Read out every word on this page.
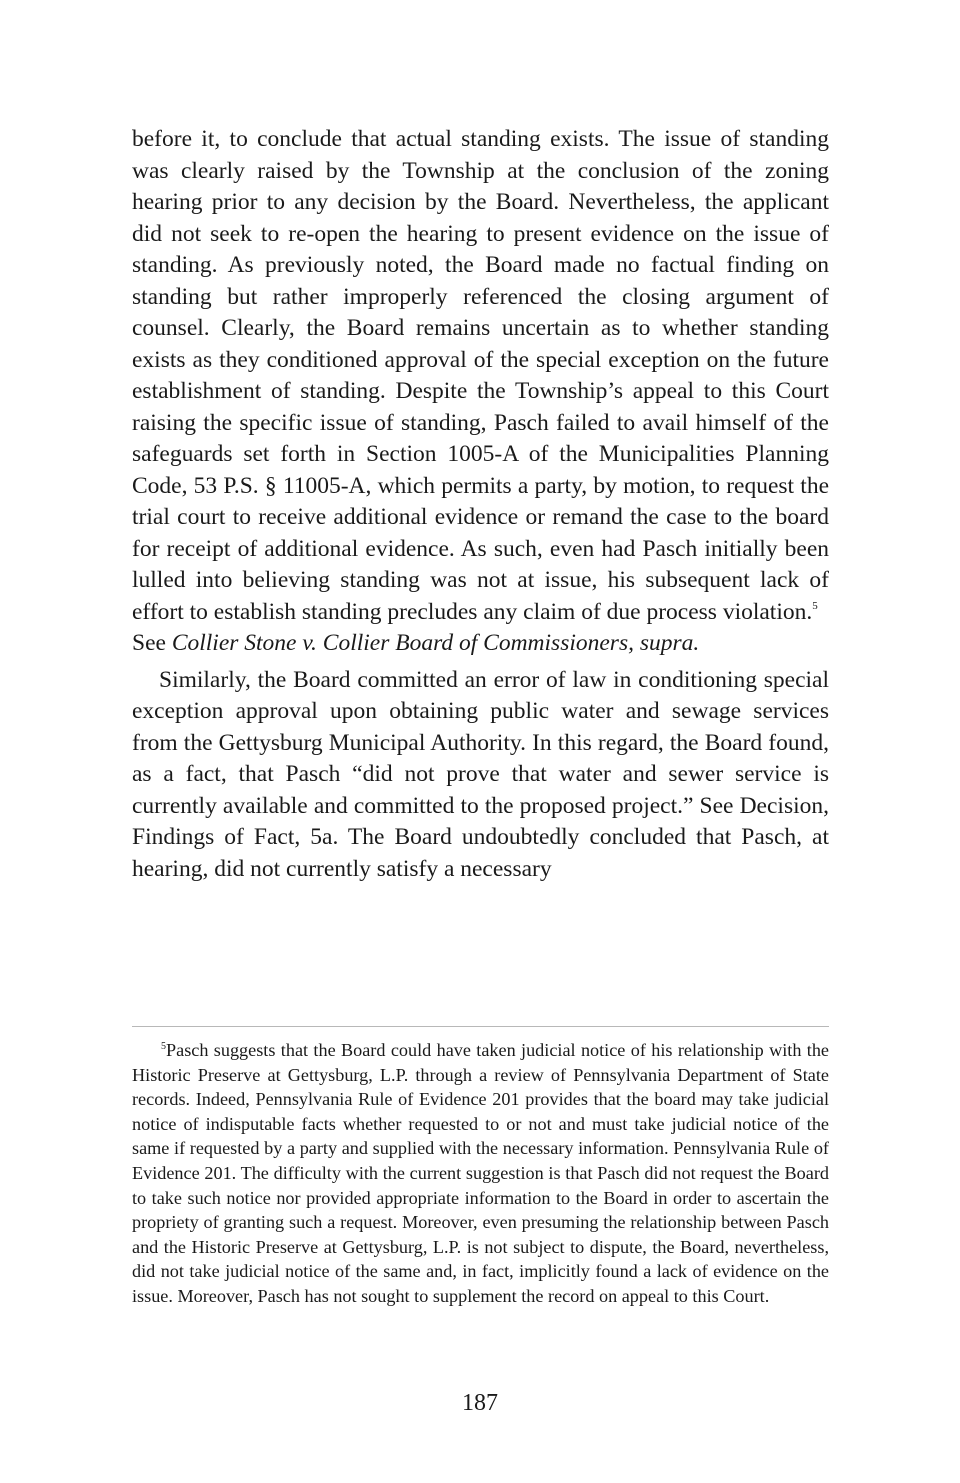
before it, to conclude that actual standing exists. The issue of standing was clearly raised by the Township at the conclusion of the zoning hearing prior to any decision by the Board. Nevertheless, the applicant did not seek to re-open the hearing to present evidence on the issue of standing. As previously noted, the Board made no factual finding on standing but rather improperly referenced the closing argument of counsel. Clearly, the Board remains uncertain as to whether standing exists as they conditioned approval of the special exception on the future establishment of standing. Despite the Township’s appeal to this Court raising the specific issue of standing, Pasch failed to avail himself of the safeguards set forth in Section 1005-A of the Municipalities Planning Code, 53 P.S. § 11005-A, which permits a party, by motion, to request the trial court to receive additional evidence or remand the case to the board for receipt of additional evidence. As such, even had Pasch initially been lulled into believing standing was not at issue, his subsequent lack of effort to establish standing precludes any claim of due process violation.$^5$
See Collier Stone v. Collier Board of Commissioners, supra.

Similarly, the Board committed an error of law in conditioning special exception approval upon obtaining public water and sewage services from the Gettysburg Municipal Authority. In this regard, the Board found, as a fact, that Pasch “did not prove that water and sewer service is currently available and committed to the proposed project.” See Decision, Findings of Fact, 5a. The Board undoubtedly concluded that Pasch, at hearing, did not currently satisfy a necessary

$^5$Pasch suggests that the Board could have taken judicial notice of his relationship with the Historic Preserve at Gettysburg, L.P. through a review of Pennsylvania Department of State records. Indeed, Pennsylvania Rule of Evidence 201 provides that the board may take judicial notice of indisputable facts whether requested to or not and must take judicial notice of the same if requested by a party and supplied with the necessary information. Pennsylvania Rule of Evidence 201. The difficulty with the current suggestion is that Pasch did not request the Board to take such notice nor provided appropriate information to the Board in order to ascertain the propriety of granting such a request. Moreover, even presuming the relationship between Pasch and the Historic Preserve at Gettysburg, L.P. is not subject to dispute, the Board, nevertheless, did not take judicial notice of the same and, in fact, implicitly found a lack of evidence on the issue. Moreover, Pasch has not sought to supplement the record on appeal to this Court.

187
